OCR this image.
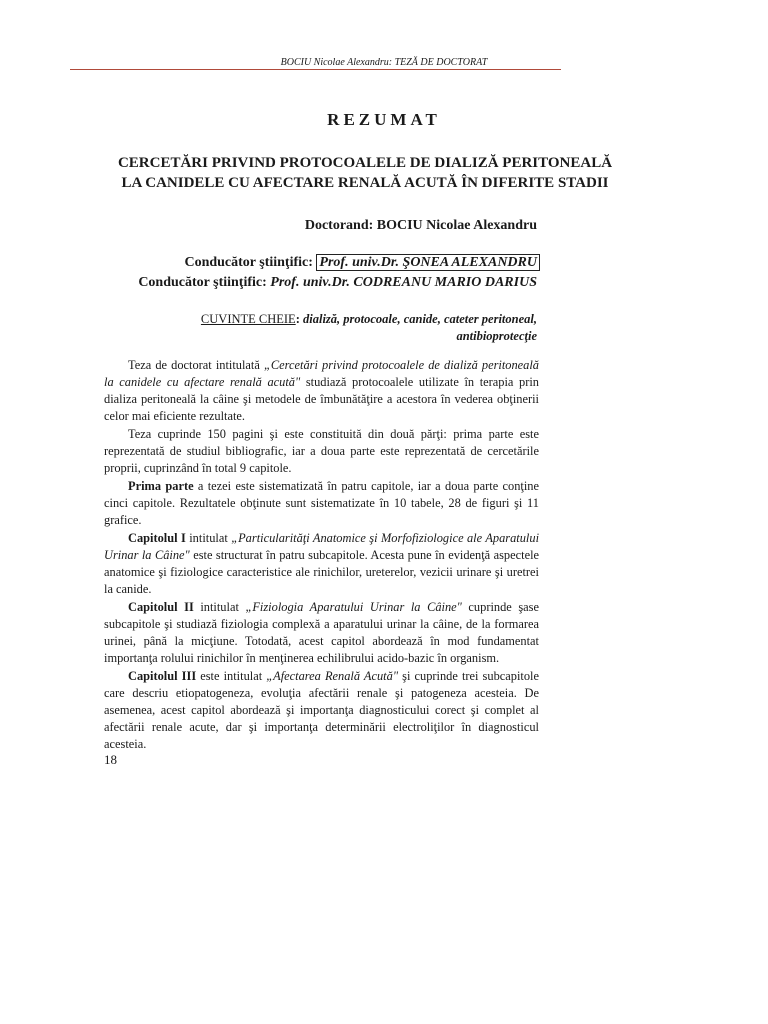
BOCIU Nicolae Alexandru: TEZĂ DE DOCTORAT
REZUMAT
CERCETĂRI PRIVIND PROTOCOALELE DE DIALIZĂ PERITONEALĂ
LA CANIDELE CU AFECTARE RENALĂ ACUTĂ ÎN DIFERITE STADII
Doctorand: BOCIU Nicolae Alexandru
Conducător ştiinţific: Prof. univ.Dr. ŞONEA ALEXANDRU
Conducător ştiinţific: Prof. univ.Dr. CODREANU MARIO DARIUS
CUVINTE CHEIE: dializă, protocoale, canide, cateter peritoneal,
antibioprotecţie

Teza de doctorat intitulată „Cercetări privind protocoalele de dializă peritoneală la canidele cu afectare renală acută" studiază protocoalele utilizate în terapia prin dializa peritoneală la câine şi metodele de îmbunătăţire a acestora în vederea obţinerii celor mai eficiente rezultate.

Teza cuprinde 150 pagini şi este constituită din două părţi: prima parte este reprezentată de studiul bibliografic, iar a doua parte este reprezentată de cercetările proprii, cuprinzând în total 9 capitole.

Prima parte a tezei este sistematizată în patru capitole, iar a doua parte conţine cinci capitole. Rezultatele obţinute sunt sistematizate în 10 tabele, 28 de figuri şi 11 grafice.

Capitolul I intitulat „Particularităţi Anatomice şi Morfofiziologice ale Aparatului Urinar la Câine" este structurat în patru subcapitole. Acesta pune în evidenţă aspectele anatomice şi fiziologice caracteristice ale rinichilor, ureterelor, vezicii urinare şi uretrei la canide.

Capitolul II intitulat „Fiziologia Aparatului Urinar la Câine" cuprinde şase subcapitole şi studiază fiziologia complexă a aparatului urinar la câine, de la formarea urinei, până la micţiune. Totodată, acest capitol abordează în mod fundamentat importanţa rolului rinichilor în menţinerea echilibrului acido-bazic în organism.

Capitolul III este intitulat „Afectarea Renală Acută" şi cuprinde trei subcapitole care descriu etiopatogeneza, evoluţia afectării renale şi patogeneza acesteia. De asemenea, acest capitol abordează şi importanţa diagnosticului corect şi complet al afectării renale acute, dar şi importanţa determinării electroliţilor în diagnosticul acesteia.

18
